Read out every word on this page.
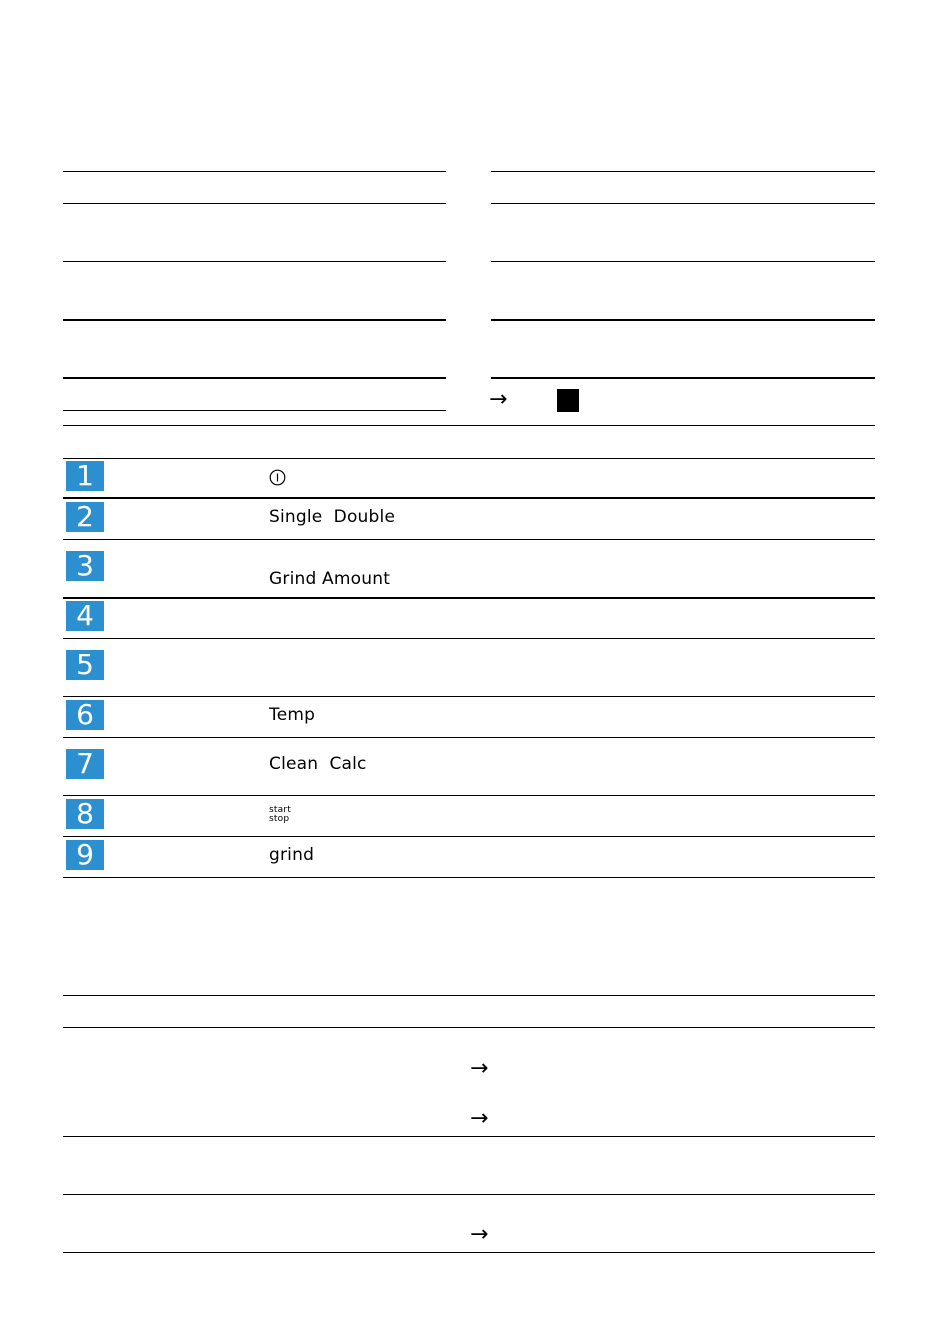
→
1
2	Single  Double
3	Grind Amount
4
5
6	Temp
7	Clean  Calc
8	start
stop
9	grind
→
→
→
